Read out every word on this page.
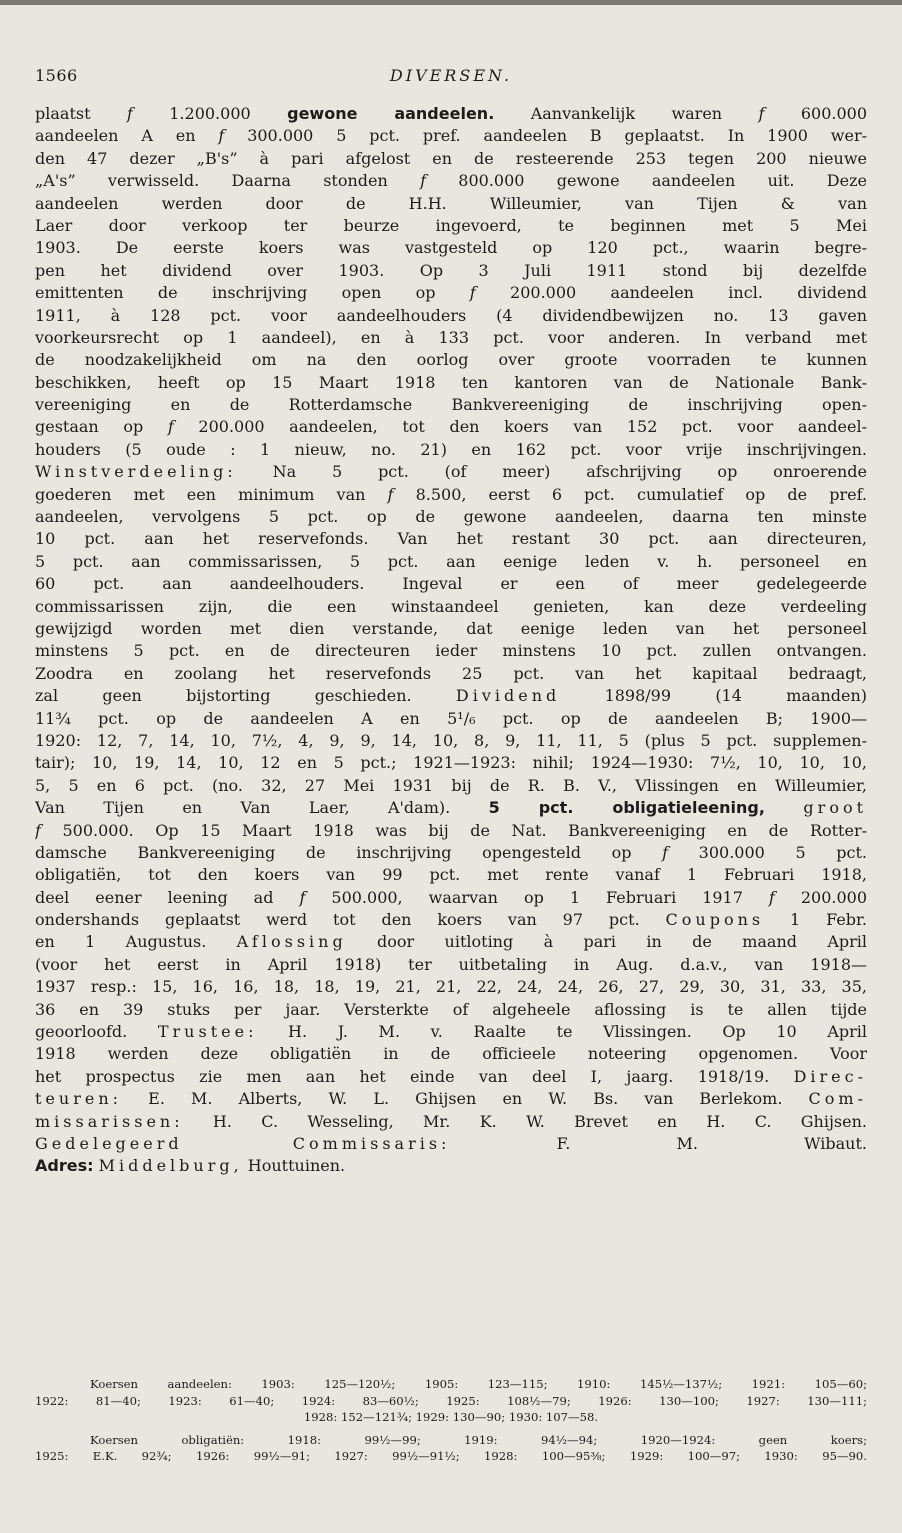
1566	DIVERSEN.
plaatst f 1.200.000 gewone aandeelen. Aanvankelijk waren f 600.000
aandeelen A en f 300.000 5 pct. pref. aandeelen B geplaatst. In 1900 wer-
den 47 dezer „B's” à pari afgelost en de resteerende 253 tegen 200 nieuwe
„A's” verwisseld. Daarna stonden f 800.000 gewone aandeelen uit. Deze
aandeelen werden door de H.H. Willeumier, van Tijen & van
Laer door verkoop ter beurze ingevoerd, te beginnen met 5 Mei
1903. De eerste koers was vastgesteld op 120 pct., waarin begre-
pen het dividend over 1903. Op 3 Juli 1911 stond bij dezelfde
emittenten de inschrijving open op f 200.000 aandeelen incl. dividend
1911, à 128 pct. voor aandeelhouders (4 dividendbewijzen no. 13 gaven
voorkeursrecht op 1 aandeel), en à 133 pct. voor anderen. In verband met
de noodzakelijkheid om na den oorlog over groote voorraden te kunnen
beschikken, heeft op 15 Maart 1918 ten kantoren van de Nationale Bank-
vereeniging en de Rotterdamsche Bankvereeniging de inschrijving open-
gestaan op f 200.000 aandeelen, tot den koers van 152 pct. voor aandeel-
houders (5 oude : 1 nieuw, no. 21) en 162 pct. voor vrije inschrijvingen.
Winstverdeeling: Na 5 pct. (of meer) afschrijving op onroerende
goederen met een minimum van f 8.500, eerst 6 pct. cumulatief op de pref.
aandeelen, vervolgens 5 pct. op de gewone aandeelen, daarna ten minste
10 pct. aan het reservefonds. Van het restant 30 pct. aan directeuren,
5 pct. aan commissarissen, 5 pct. aan eenige leden v. h. personeel en
60 pct. aan aandeelhouders. Ingeval er een of meer gedelegeerde
commissarissen zijn, die een winstaandeel genieten, kan deze verdeeling
gewijzigd worden met dien verstande, dat eenige leden van het personeel
minstens 5 pct. en de directeuren ieder minstens 10 pct. zullen ontvangen.
Zoodra en zoolang het reservefonds 25 pct. van het kapitaal bedraagt,
zal geen bijstorting geschieden. Dividend 1898/99 (14 maanden)
11¾ pct. op de aandeelen A en 5¹/₆ pct. op de aandeelen B; 1900—
1920: 12, 7, 14, 10, 7½, 4, 9, 9, 14, 10, 8, 9, 11, 11, 5 (plus 5 pct. supplemen-
tair); 10, 19, 14, 10, 12 en 5 pct.; 1921—1923: nihil; 1924—1930: 7½, 10, 10, 10,
5, 5 en 6 pct. (no. 32, 27 Mei 1931 bij de R. B. V., Vlissingen en Willeumier,
Van Tijen en Van Laer, A'dam). 5 pct. obligatieleening, groot
f 500.000. Op 15 Maart 1918 was bij de Nat. Bankvereeniging en de Rotter-
damsche Bankvereeniging de inschrijving opengesteld op f 300.000 5 pct.
obligatiën, tot den koers van 99 pct. met rente vanaf 1 Februari 1918,
deel eener leening ad f 500.000, waarvan op 1 Februari 1917 f 200.000
ondershands geplaatst werd tot den koers van 97 pct. Coupons 1 Febr.
en 1 Augustus. Aflossing door uitloting à pari in de maand April
(voor het eerst in April 1918) ter uitbetaling in Aug. d.a.v., van 1918—
1937 resp.: 15, 16, 16, 18, 18, 19, 21, 21, 22, 24, 24, 26, 27, 29, 30, 31, 33, 35,
36 en 39 stuks per jaar. Versterkte of algeheele aflossing is te allen tijde
geoorloofd. Trustee: H. J. M. v. Raalte te Vlissingen. Op 10 April
1918 werden deze obligatiën in de officieele noteering opgenomen. Voor
het prospectus zie men aan het einde van deel I, jaarg. 1918/19. Direc-
teuren: E. M. Alberts, W. L. Ghijsen en W. Bs. van Berlekom. Com-
missarissen: H. C. Wesseling, Mr. K. W. Brevet en H. C. Ghijsen.
Gedelegeerd Commissaris: F. M. Wibaut.
Adres: Middelburg, Houttuinen.
Koersen aandeelen: 1903: 125—120½; 1905: 123—115; 1910: 145½—137½; 1921: 105—60;
1922: 81—40; 1923: 61—40; 1924: 83—60½; 1925: 108½—79; 1926: 130—100; 1927: 130—111;
1928: 152—121¾; 1929: 130—90; 1930: 107—58.
Koersen obligatiën: 1918: 99½—99; 1919: 94½—94; 1920—1924: geen koers;
1925: E.K. 92¾; 1926: 99½—91; 1927: 99½—91½; 1928: 100—95⅜; 1929: 100—97; 1930: 95—90.
